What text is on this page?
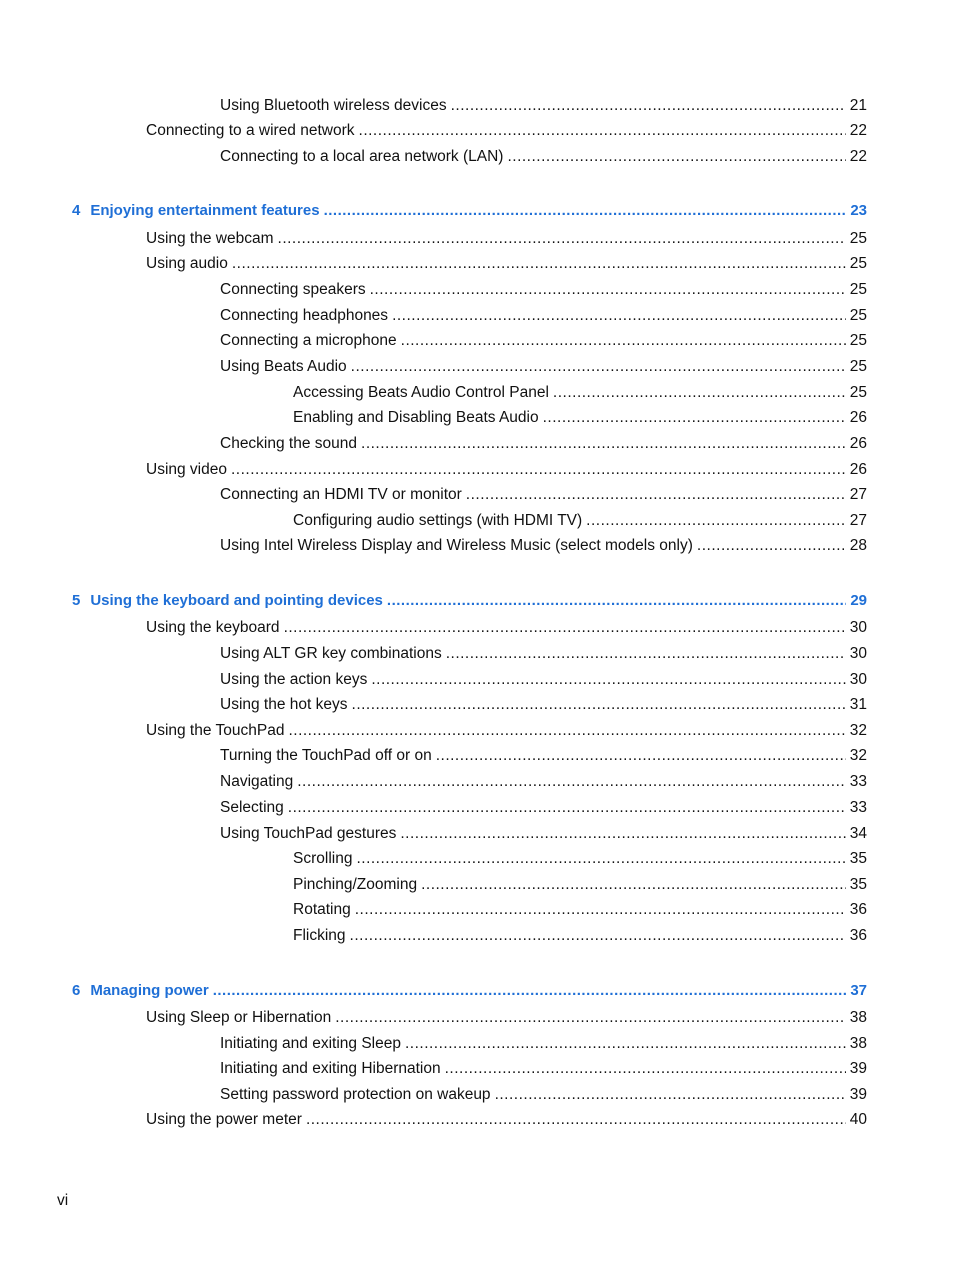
Using Bluetooth wireless devices .....	21
Connecting to a wired network .....	22
Connecting to a local area network (LAN) .....	22
4 Enjoying entertainment features .....	23
Using the webcam .....	25
Using audio .....	25
Connecting speakers .....	25
Connecting headphones .....	25
Connecting a microphone .....	25
Using Beats Audio .....	25
Accessing Beats Audio Control Panel .....	25
Enabling and Disabling Beats Audio .....	26
Checking the sound .....	26
Using video .....	26
Connecting an HDMI TV or monitor .....	27
Configuring audio settings (with HDMI TV) .....	27
Using Intel Wireless Display and Wireless Music (select models only) .....	28
5 Using the keyboard and pointing devices .....	29
Using the keyboard .....	30
Using ALT GR key combinations .....	30
Using the action keys .....	30
Using the hot keys .....	31
Using the TouchPad .....	32
Turning the TouchPad off or on .....	32
Navigating .....	33
Selecting .....	33
Using TouchPad gestures .....	34
Scrolling .....	35
Pinching/Zooming .....	35
Rotating .....	36
Flicking .....	36
6 Managing power .....	37
Using Sleep or Hibernation .....	38
Initiating and exiting Sleep .....	38
Initiating and exiting Hibernation .....	39
Setting password protection on wakeup .....	39
Using the power meter .....	40
vi
